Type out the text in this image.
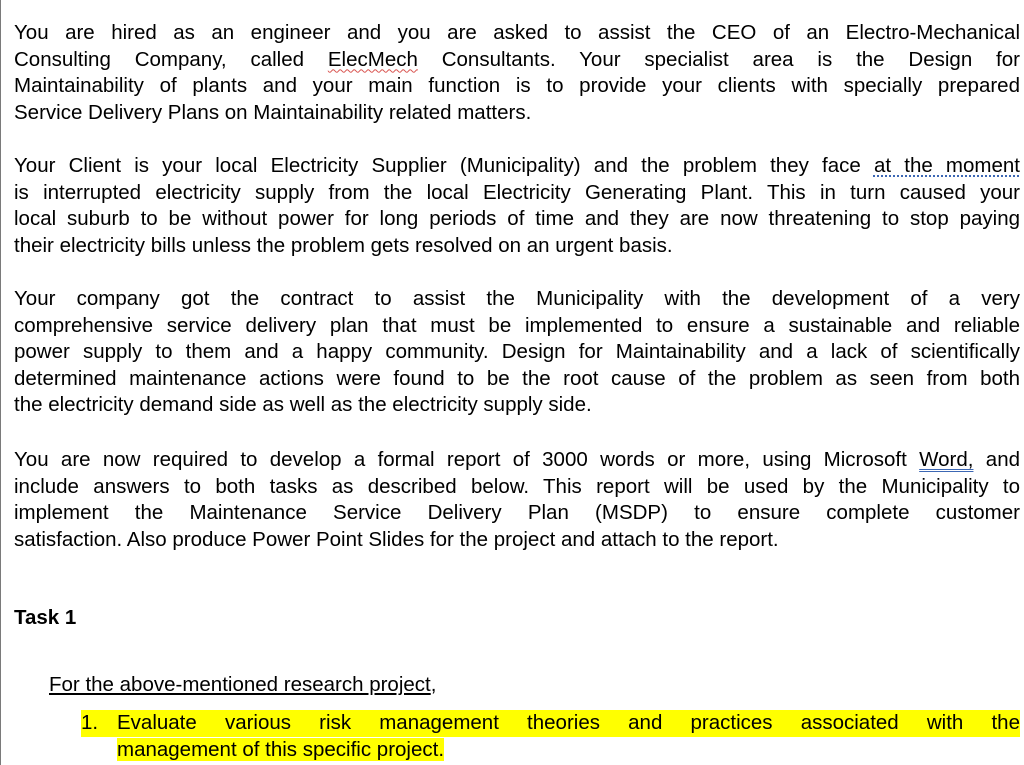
You are hired as an engineer and you are asked to assist the CEO of an Electro-Mechanical
Consulting Company, called ElecMech Consultants. Your specialist area is the Design for
Maintainability of plants and your main function is to provide your clients with specially prepared
Service Delivery Plans on Maintainability related matters.
Your Client is your local Electricity Supplier (Municipality) and the problem they face at the moment
is interrupted electricity supply from the local Electricity Generating Plant. This in turn caused your
local suburb to be without power for long periods of time and they are now threatening to stop paying
their electricity bills unless the problem gets resolved on an urgent basis.
Your company got the contract to assist the Municipality with the development of a very
comprehensive service delivery plan that must be implemented to ensure a sustainable and reliable
power supply to them and a happy community. Design for Maintainability and a lack of scientifically
determined maintenance actions were found to be the root cause of the problem as seen from both
the electricity demand side as well as the electricity supply side.
You are now required to develop a formal report of 3000 words or more, using Microsoft Word, and
include answers to both tasks as described below. This report will be used by the Municipality to
implement the Maintenance Service Delivery Plan (MSDP) to ensure complete customer
satisfaction. Also produce Power Point Slides for the project and attach to the report.
Task 1
For the above-mentioned research project,
1. Evaluate various risk management theories and practices associated with the
management of this specific project.
